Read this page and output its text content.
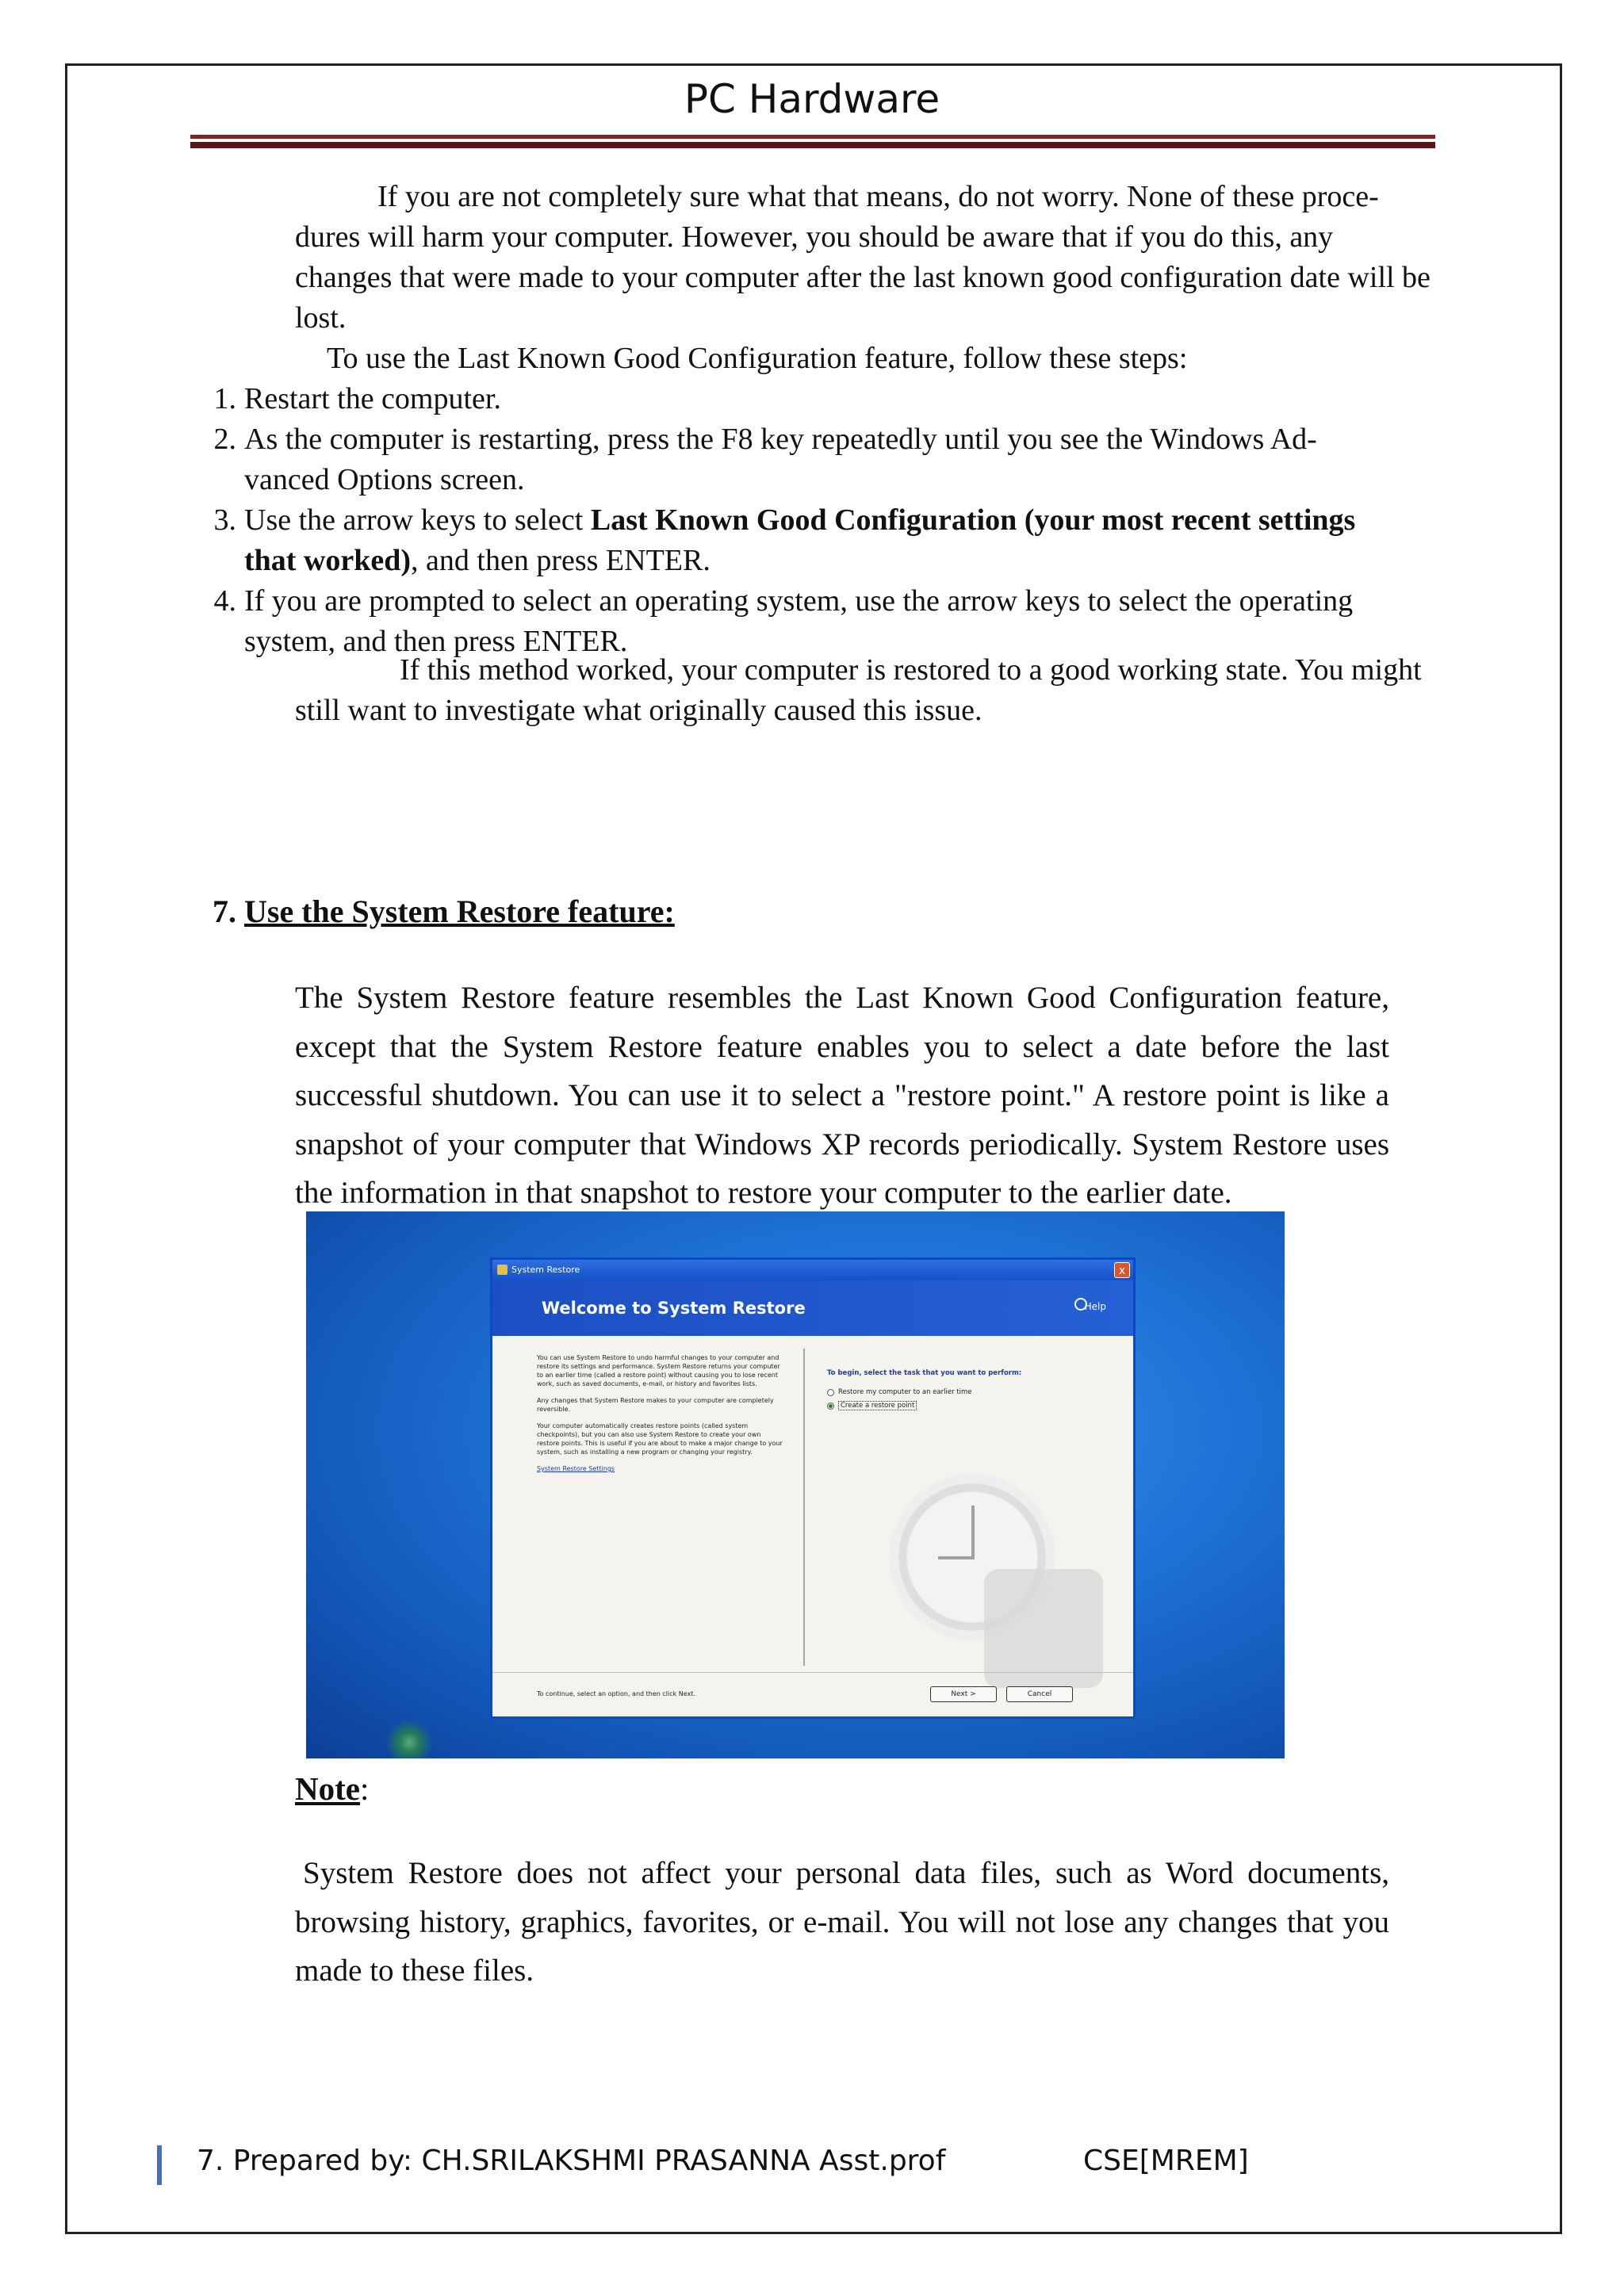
PC Hardware
If you are not completely sure what that means, do not worry. None of these proce-
dures will harm your computer. However, you should be aware that if you do this, any
changes that were made to your computer after the last known good configuration date will be
lost.
To use the Last Known Good Configuration feature, follow these steps:
1. Restart the computer.
2. As the computer is restarting, press the F8 key repeatedly until you see the Windows Ad-
vanced Options screen.
3. Use the arrow keys to select Last Known Good Configuration (your most recent settings
that worked), and then press ENTER.
4. If you are prompted to select an operating system, use the arrow keys to select the operating
system, and then press ENTER.
If this method worked, your computer is restored to a good working state. You might
still want to investigate what originally caused this issue.
7. Use the System Restore feature:
The System Restore feature resembles the Last Known Good Configuration feature, except that the System Restore feature enables you to select a date before the last successful shutdown. You can use it to select a "restore point." A restore point is like a snapshot of your computer that Windows XP records periodically. System Restore uses the information in that snapshot to restore your computer to the earlier date.
System Restore	x
Welcome to System Restore	Help

You can use System Restore to undo harmful changes to your computer and restore its settings and performance. System Restore returns your computer to an earlier time (called a restore point) without causing you to lose recent work, such as saved documents, e-mail, or history and favorites lists.

Any changes that System Restore makes to your computer are completely reversible.

Your computer automatically creates restore points (called system checkpoints), but you can also use System Restore to create your own restore points. This is useful if you are about to make a major change to your system, such as installing a new program or changing your registry.

System Restore Settings

To begin, select the task that you want to perform:
Restore my computer to an earlier time
Create a restore point
To continue, select an option, and then click Next.	Next >	Cancel
Note:
System Restore does not affect your personal data files, such as Word documents, browsing history, graphics, favorites, or e-mail. You will not lose any changes that you made to these files.
7. Prepared by: CH.SRILAKSHMI PRASANNA Asst.prof	CSE[MREM]
